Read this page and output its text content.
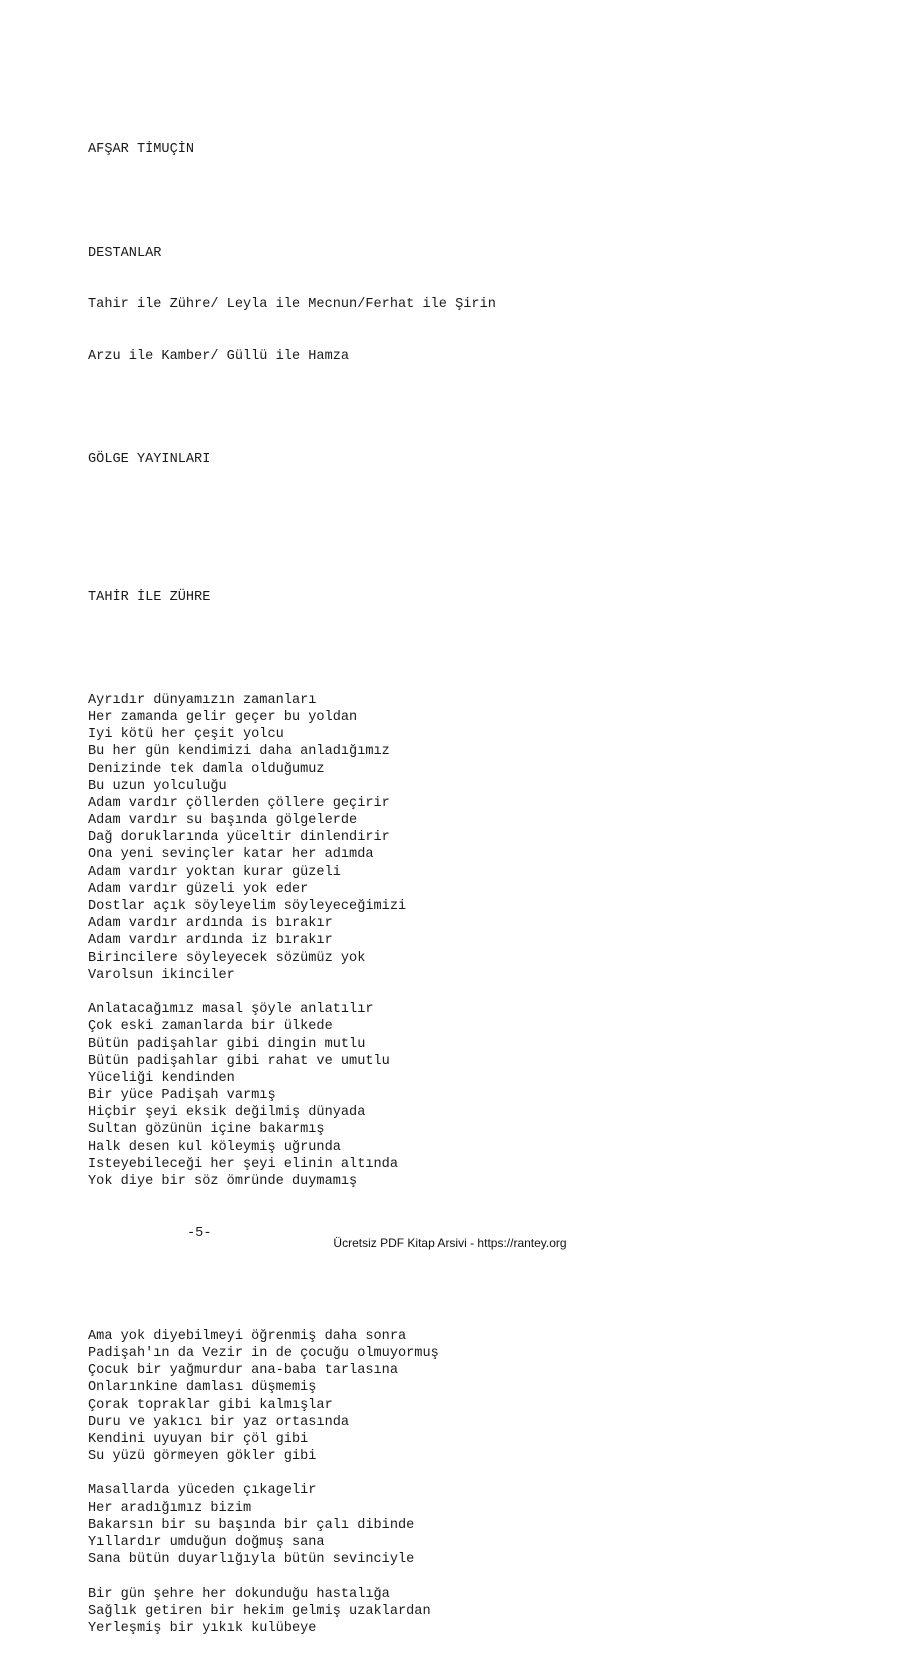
AFŞAR TİMUÇİN

DESTANLAR

Tahir ile Zühre/ Leyla ile Mecnun/Ferhat ile Şirin

Arzu ile Kamber/ Güllü ile Hamza

GÖLGE YAYINLARI

TAHİR İLE ZÜHRE

Ayrıdır dünyamızın zamanları
Her zamanda gelir geçer bu yoldan
Iyi kötü her çeşit yolcu
Bu her gün kendimizi daha anladığımız
Denizinde tek damla olduğumuz
Bu uzun yolculuğu
Adam vardır çöllerden çöllere geçirir
Adam vardır su başında gölgelerde
Dağ doruklarında yüceltir dinlendirir
Ona yeni sevinçler katar her adımda
Adam vardır yoktan kurar güzeli
Adam vardır güzeli yok eder
Dostlar açık söyleyelim söyleyeceğimizi
Adam vardır ardında is bırakır
Adam vardır ardında iz bırakır
Birincilere söyleyecek sözümüz yok
Varolsun ikinciler
Anlatacağımız masal şöyle anlatılır
Çok eski zamanlarda bir ülkede
Bütün padişahlar gibi dingin mutlu
Bütün padişahlar gibi rahat ve umutlu
Yüceliği kendinden
Bir yüce Padişah varmış
Hiçbir şeyi eksik değilmiş dünyada
Sultan gözünün içine bakarmış
Halk desen kul köleymiş uğrunda
Isteyebileceği her şeyi elinin altında
Yok diye bir söz ömründe duymamış

-5-

Ama yok diyebilmeyi öğrenmiş daha sonra
Padişah'ın da Vezir in de çocuğu olmuyormuş
Çocuk bir yağmurdur ana-baba tarlasına
Onlarınkine damlası düşmemiş
Çorak topraklar gibi kalmışlar
Duru ve yakıcı bir yaz ortasında
Kendini uyuyan bir çöl gibi
Su yüzü görmeyen gökler gibi
Masallarda yüceden çıkagelir
Her aradığımız bizim
Bakarsın bir su başında bir çalı dibinde
Yıllardır umduğun doğmuş sana
Sana bütün duyarlığıyla bütün sevinciyle
Bir gün şehre her dokunduğu hastalığa
Sağlık getiren bir hekim gelmiş uzaklardan
Yerleşmiş bir yıkık kulübeye

Ücretsiz PDF Kitap Arsivi - https://rantey.org
